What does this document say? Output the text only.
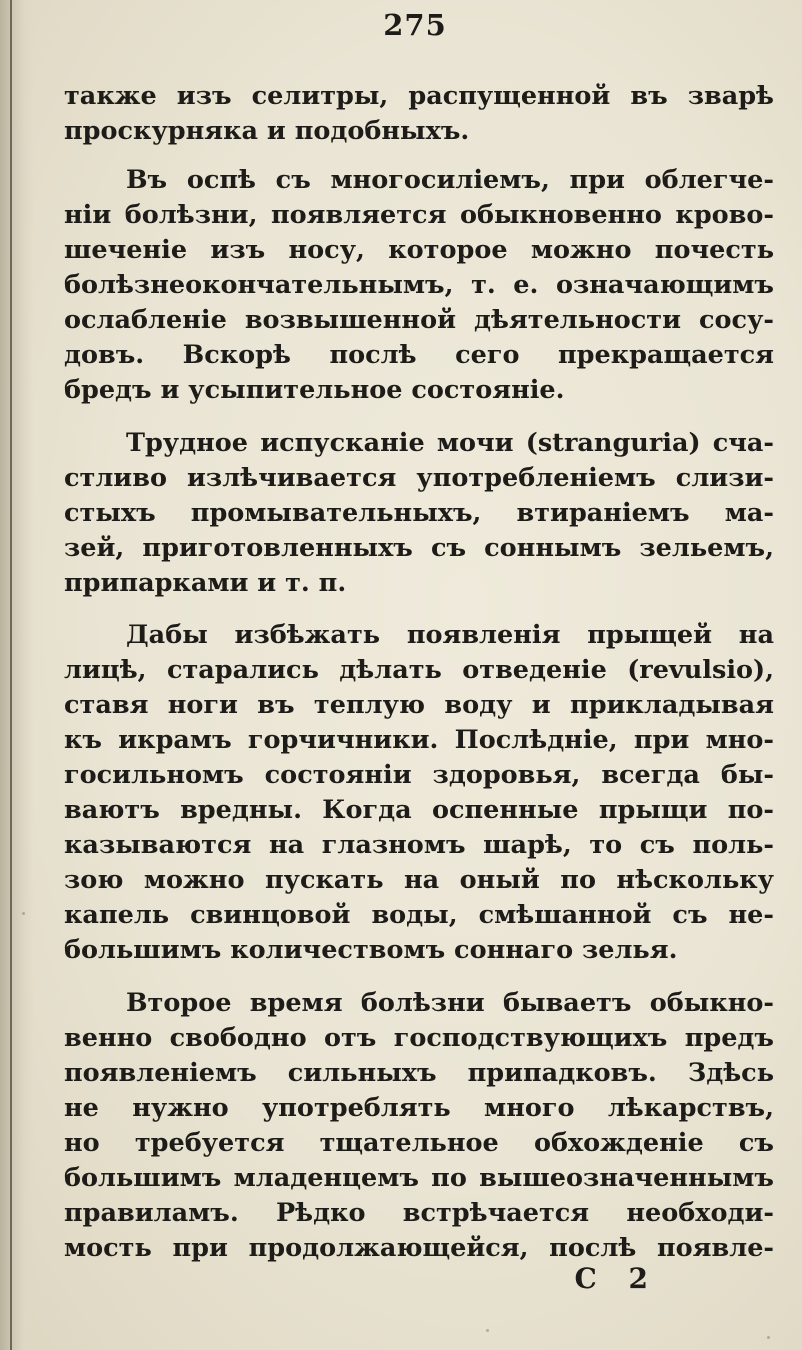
275
также изъ селитры, распущенной въ зварѣ
проскурняка и подобныхъ.
Въ оспѣ съ многосиліемъ, при облегче-
ніи болѣзни, появляется обыкновенно крово-
шеченіе изъ носу, которое можно почесть
болѣзнеокончательнымъ, т. е. означающимъ
ослабленіе возвышенной дѣятельности сосу-
довъ. Вскорѣ послѣ сего прекращается
бредъ и усыпительное состояніе.
Трудное испусканіе мочи (stranguria) сча-
стливо излѣчивается употребленіемъ слизи-
стыхъ промывательныхъ, втираніемъ ма-
зей, приготовленныхъ съ соннымъ зельемъ,
припарками и т. п.
Дабы избѣжать появленія прыщей на
лицѣ, старались дѣлать отведеніе (revulsio),
ставя ноги въ теплую воду и прикладывая
къ икрамъ горчичники. Послѣдніе, при мно-
госильномъ состояніи здоровья, всегда бы-
ваютъ вредны. Когда оспенные прыщи по-
казываются на глазномъ шарѣ, то съ поль-
зою можно пускать на оный по нѣскольку
капель свинцовой воды, смѣшанной съ не-
большимъ количествомъ соннаго зелья.
Второе время болѣзни бываетъ обыкно-
венно свободно отъ господствующихъ предъ
появленіемъ сильныхъ припадковъ. Здѣсь
не нужно употреблять много лѣкарствъ,
но требуется тщательное обхожденіе съ
большимъ младенцемъ по вышеозначеннымъ
правиламъ. Рѣдко встрѣчается необходи-
мость при продолжающейся, послѣ появле-
С 2
